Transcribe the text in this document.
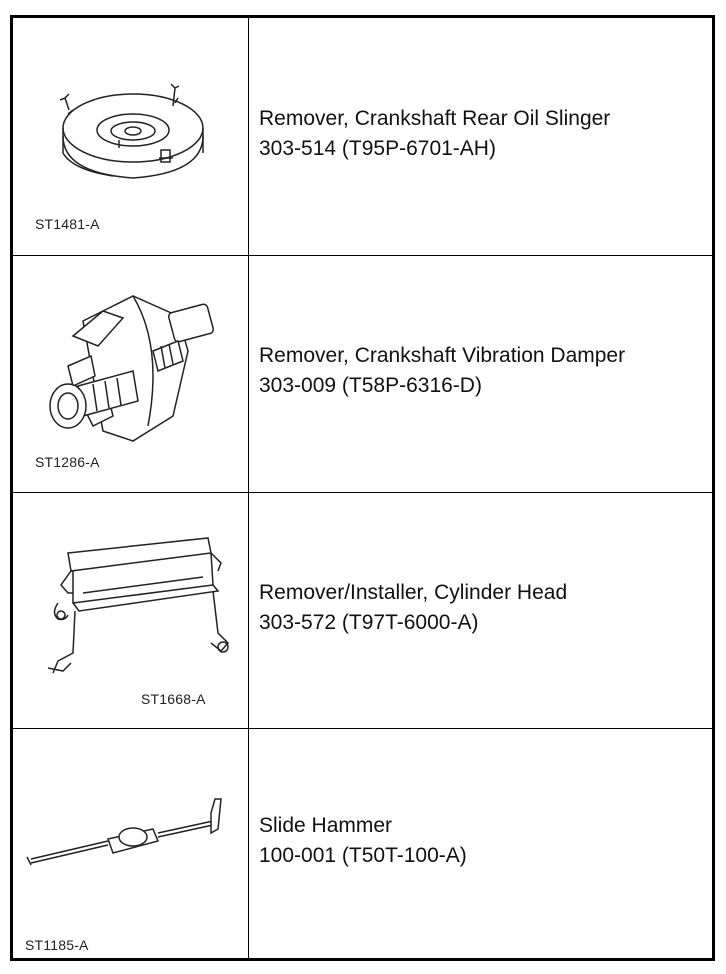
ST1481-A
Remover, Crankshaft Rear Oil Slinger
303-514 (T95P-6701-AH)
ST1286-A
Remover, Crankshaft Vibration Damper
303-009 (T58P-6316-D)
ST1668-A
Remover/Installer, Cylinder Head
303-572 (T97T-6000-A)
ST1185-A
Slide Hammer
100-001 (T50T-100-A)
